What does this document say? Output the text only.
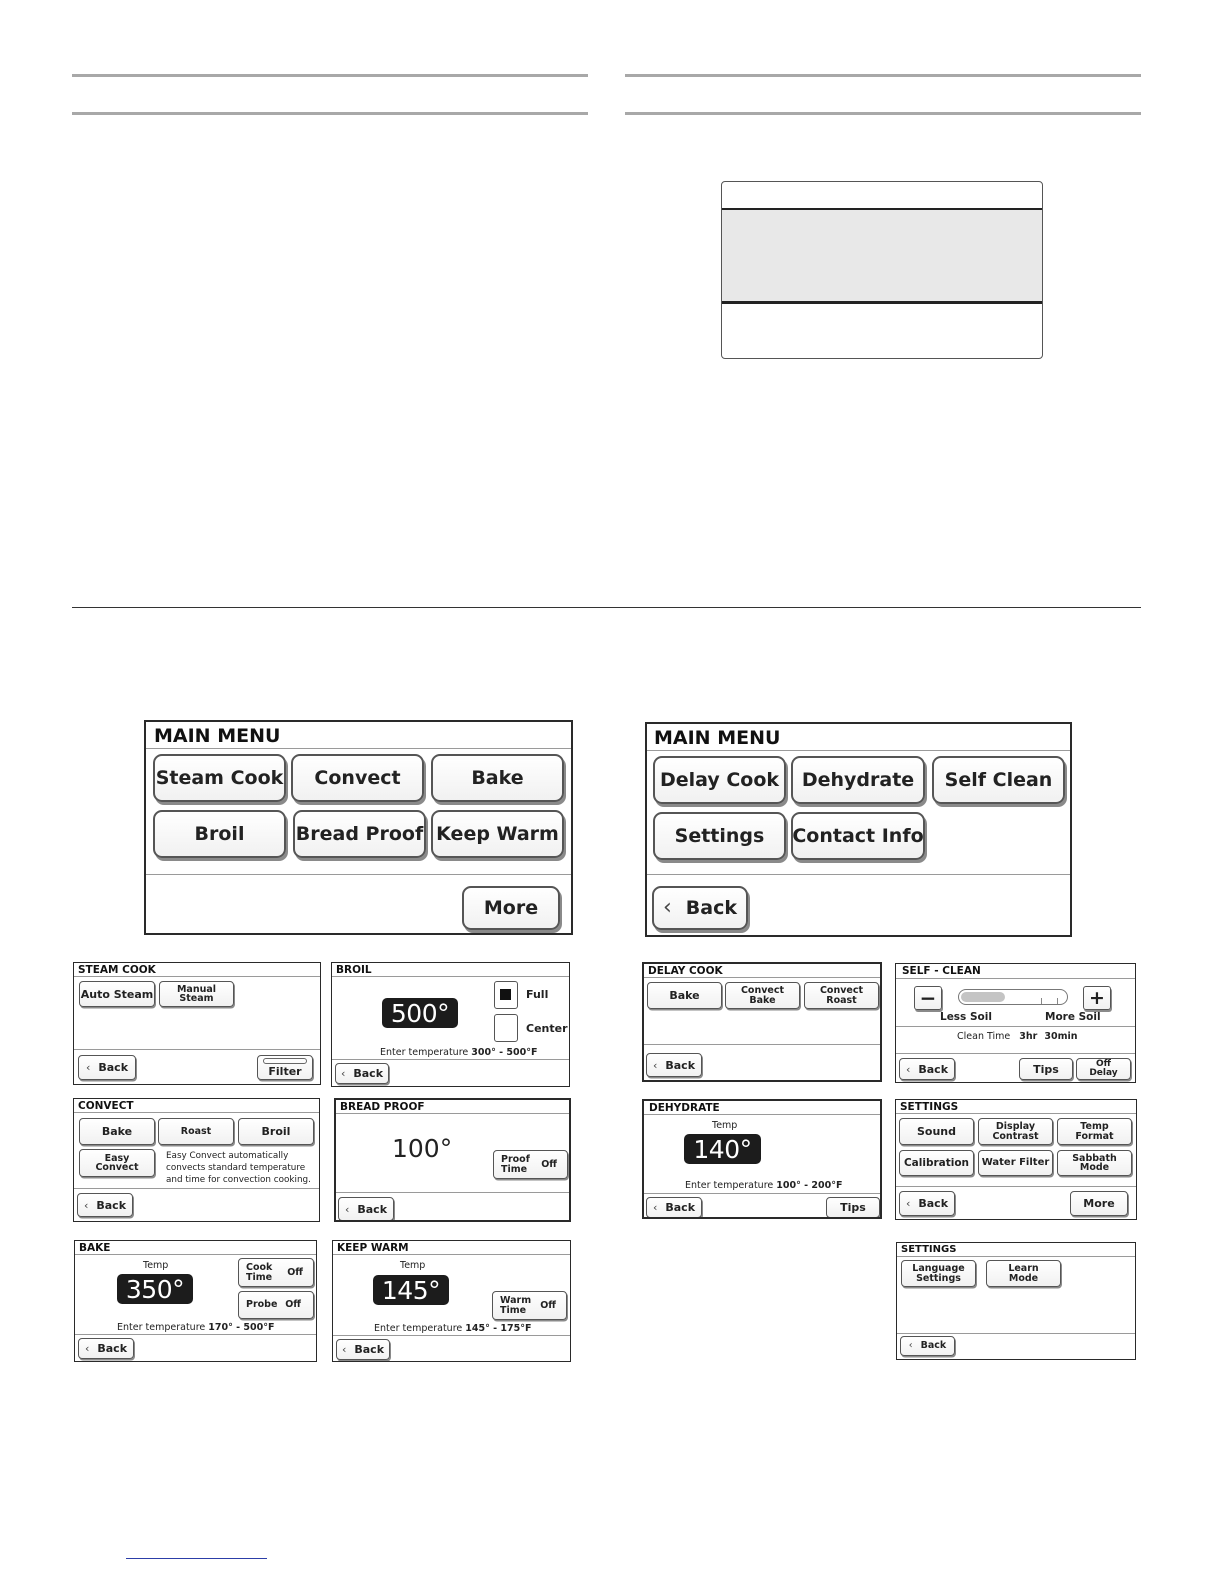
MAIN MENU
Steam Cook	Convect	Bake
Broil	Bread Proof Keep Warm
More
MAIN MENU
Delay Cook	Dehydrate	Self Clean
Settings	Contact Info
‹ Back
STEAM COOK
Auto Steam Manual
Steam
‹ Back	Filter
BROIL
500°
Full
Center
Enter temperature 300° - 500°F
‹ Back
CONVECT
Bake	Roast	Broil
Easy
Convect
Easy Convect automatically
convects standard temperature
and time for convection cooking.
‹ Back
BREAD PROOF
100°	Proof
Time Off
‹ Back
BAKE
Temp
350°
Cook
Time Off
Probe Off
Enter temperature 170° - 500°F
‹ Back
KEEP WARM
Temp
145°	Warm
Time	Off
Enter temperature 145° - 175°F
‹ Back
DELAY COOK
Bake	Convect
Bake
Convect
Roast
‹ Back
SELF - CLEAN
−	+
Less Soil	More Soil
Clean Time 3hr 30min
‹ Back	Tips	Off
Delay
DEHYDRATE
Temp
140°
Enter temperature 100° - 200°F
‹ Back	Tips
SETTINGS
Sound	Display
Contrast
Temp
Format
Calibration	Water Filter	Sabbath
Mode
‹ Back	More
SETTINGS
Language
Settings
Learn
Mode
‹ Back
